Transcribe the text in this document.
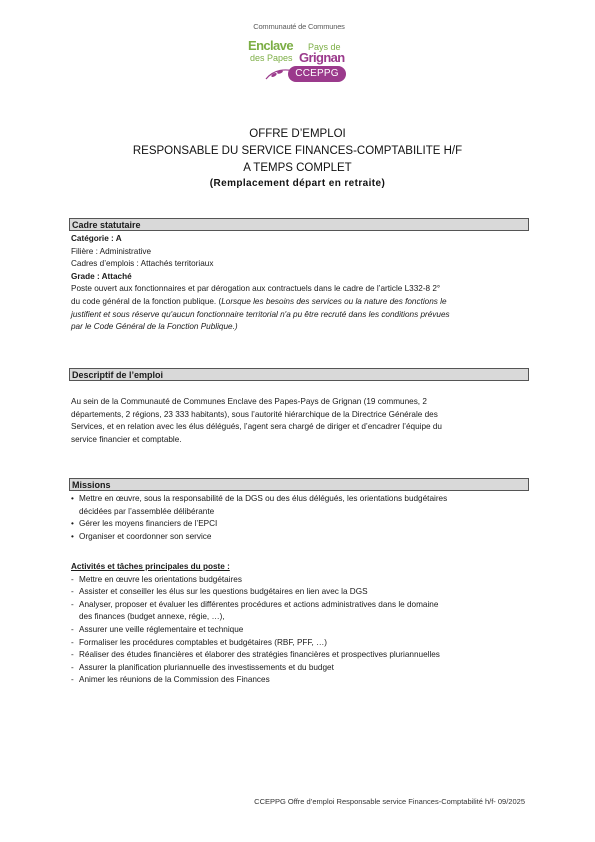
Communauté de Communes
Enclave Pays de
des Papes Grignan
CCEPPG
OFFRE D’EMPLOI
RESPONSABLE DU SERVICE FINANCES-COMPTABILITE H/F
A TEMPS COMPLET
(Remplacement départ en retraite)
Cadre statutaire
Catégorie : A
Filière : Administrative
Cadres d’emplois : Attachés territoriaux
Grade : Attaché
Poste ouvert aux fonctionnaires et par dérogation aux contractuels dans le cadre de l’article L332-8 2°
du code général de la fonction publique. (Lorsque les besoins des services ou la nature des fonctions le
justifient et sous réserve qu'aucun fonctionnaire territorial n'a pu être recruté dans les conditions prévues
par le Code Général de la Fonction Publique.)
Descriptif de l’emploi
Au sein de la Communauté de Communes Enclave des Papes-Pays de Grignan (19 communes, 2
départements, 2 régions, 23 333 habitants), sous l’autorité hiérarchique de la Directrice Générale des
Services, et en relation avec les élus délégués, l’agent sera chargé de diriger et d’encadrer l’équipe du
service financier et comptable.
Missions
• Mettre en œuvre, sous la responsabilité de la DGS ou des élus délégués, les orientations budgétaires
décidées par l’assemblée délibérante
• Gérer les moyens financiers de l’EPCI
• Organiser et coordonner son service
Activités et tâches principales du poste :
- Mettre en œuvre les orientations budgétaires
- Assister et conseiller les élus sur les questions budgétaires en lien avec la DGS
- Analyser, proposer et évaluer les différentes procédures et actions administratives dans le domaine
des finances (budget annexe, régie, …),
- Assurer une veille réglementaire et technique
- Formaliser les procédures comptables et budgétaires (RBF, PFF, …)
- Réaliser des études financières et élaborer des stratégies financières et prospectives pluriannuelles
- Assurer la planification pluriannuelle des investissements et du budget
- Animer les réunions de la Commission des Finances
CCEPPG Offre d’emploi Responsable service Finances-Comptabilité h/f- 09/2025
